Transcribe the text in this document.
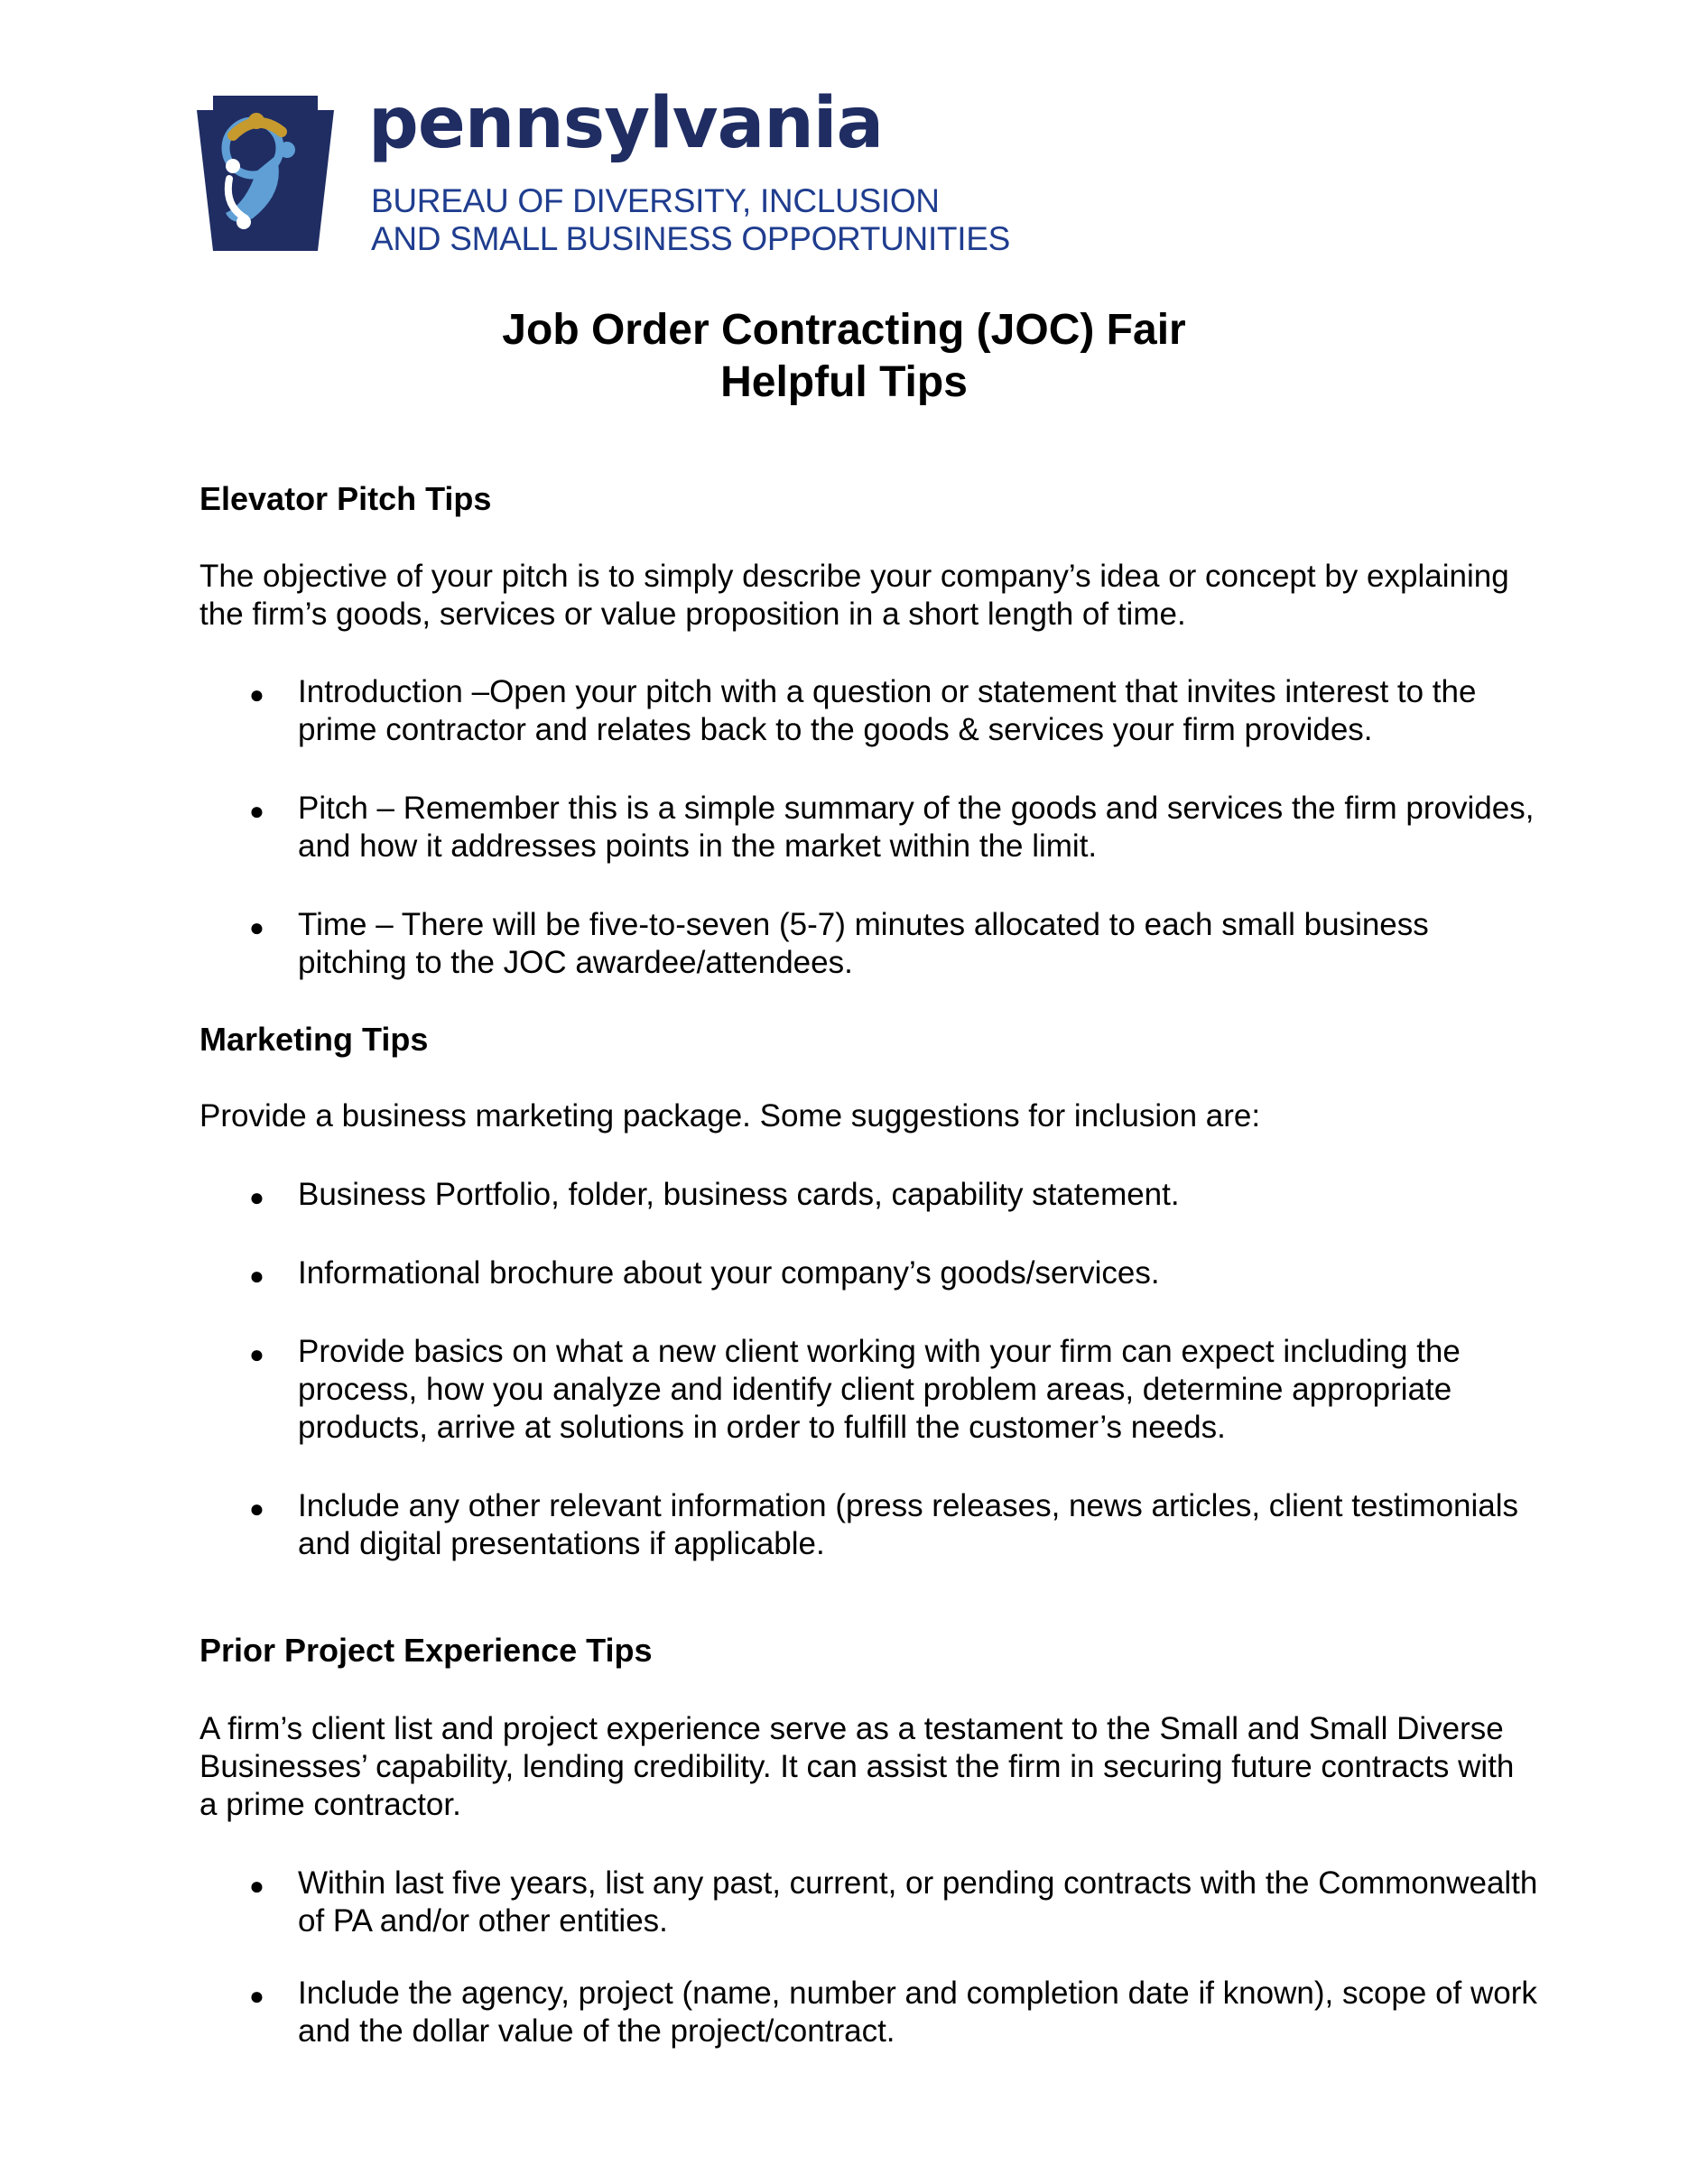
pennsylvania
BUREAU OF DIVERSITY, INCLUSION
AND SMALL BUSINESS OPPORTUNITIES
Job Order Contracting (JOC) Fair
Helpful Tips
Elevator Pitch Tips

The objective of your pitch is to simply describe your company’s idea or concept by explaining the firm’s goods, services or value proposition in a short length of time.

● Introduction –Open your pitch with a question or statement that invites interest to the prime contractor and relates back to the goods & services your firm provides.

● Pitch – Remember this is a simple summary of the goods and services the firm provides, and how it addresses points in the market within the limit.

● Time – There will be five-to-seven (5-7) minutes allocated to each small business pitching to the JOC awardee/attendees.

Marketing Tips

Provide a business marketing package. Some suggestions for inclusion are:

● Business Portfolio, folder, business cards, capability statement.

● Informational brochure about your company’s goods/services.

● Provide basics on what a new client working with your firm can expect including the process, how you analyze and identify client problem areas, determine appropriate products, arrive at solutions in order to fulfill the customer’s needs.

● Include any other relevant information (press releases, news articles, client testimonials and digital presentations if applicable.

Prior Project Experience Tips

A firm’s client list and project experience serve as a testament to the Small and Small Diverse Businesses’ capability, lending credibility. It can assist the firm in securing future contracts with a prime contractor.

● Within last five years, list any past, current, or pending contracts with the Commonwealth of PA and/or other entities.

● Include the agency, project (name, number and completion date if known), scope of work and the dollar value of the project/contract.
